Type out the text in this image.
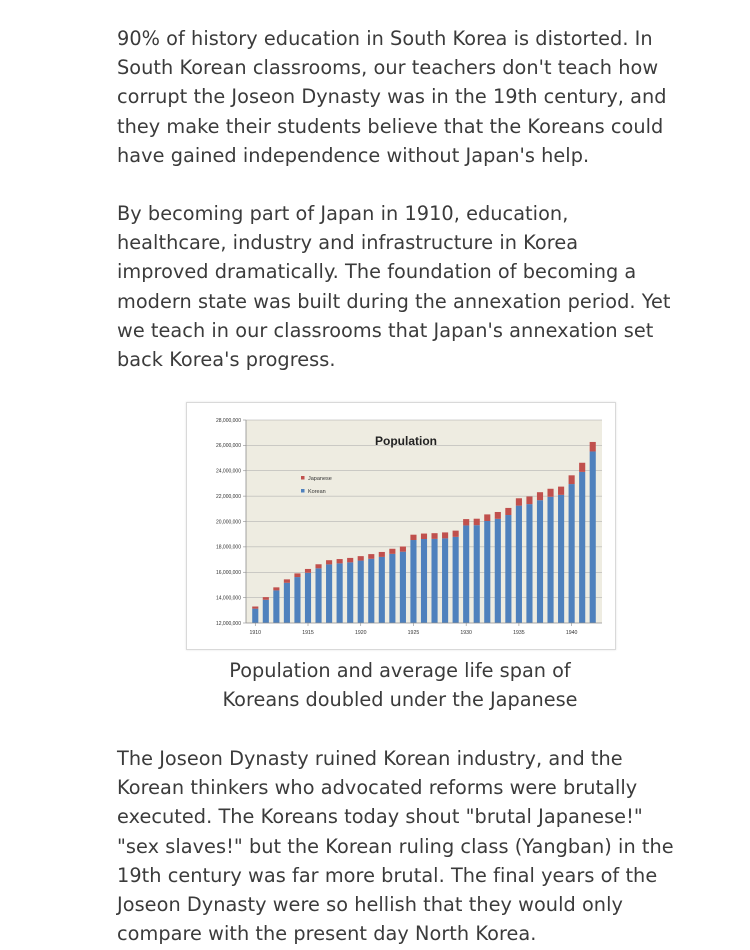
90% of history education in South Korea is distorted. In
South Korean classrooms, our teachers don't teach how
corrupt the Joseon Dynasty was in the 19th century, and
they make their students believe that the Koreans could
have gained independence without Japan's help.
By becoming part of Japan in 1910, education,
healthcare, industry and infrastructure in Korea
improved dramatically. The foundation of becoming a
modern state was built during the annexation period. Yet
we teach in our classrooms that Japan's annexation set
back Korea's progress.
12,000,000
14,000,000
16,000,000
18,000,000
20,000,000
22,000,000
24,000,000
26,000,000
28,000,000
1910	1915	1920	1925	1930	1935	1940
Population
Japanese
Korean
Population and average life span of
Koreans doubled under the Japanese
The Joseon Dynasty ruined Korean industry, and the
Korean thinkers who advocated reforms were brutally
executed. The Koreans today shout "brutal Japanese!"
"sex slaves!" but the Korean ruling class (Yangban) in the
19th century was far more brutal. The final years of the
Joseon Dynasty were so hellish that they would only
compare with the present day North Korea.
